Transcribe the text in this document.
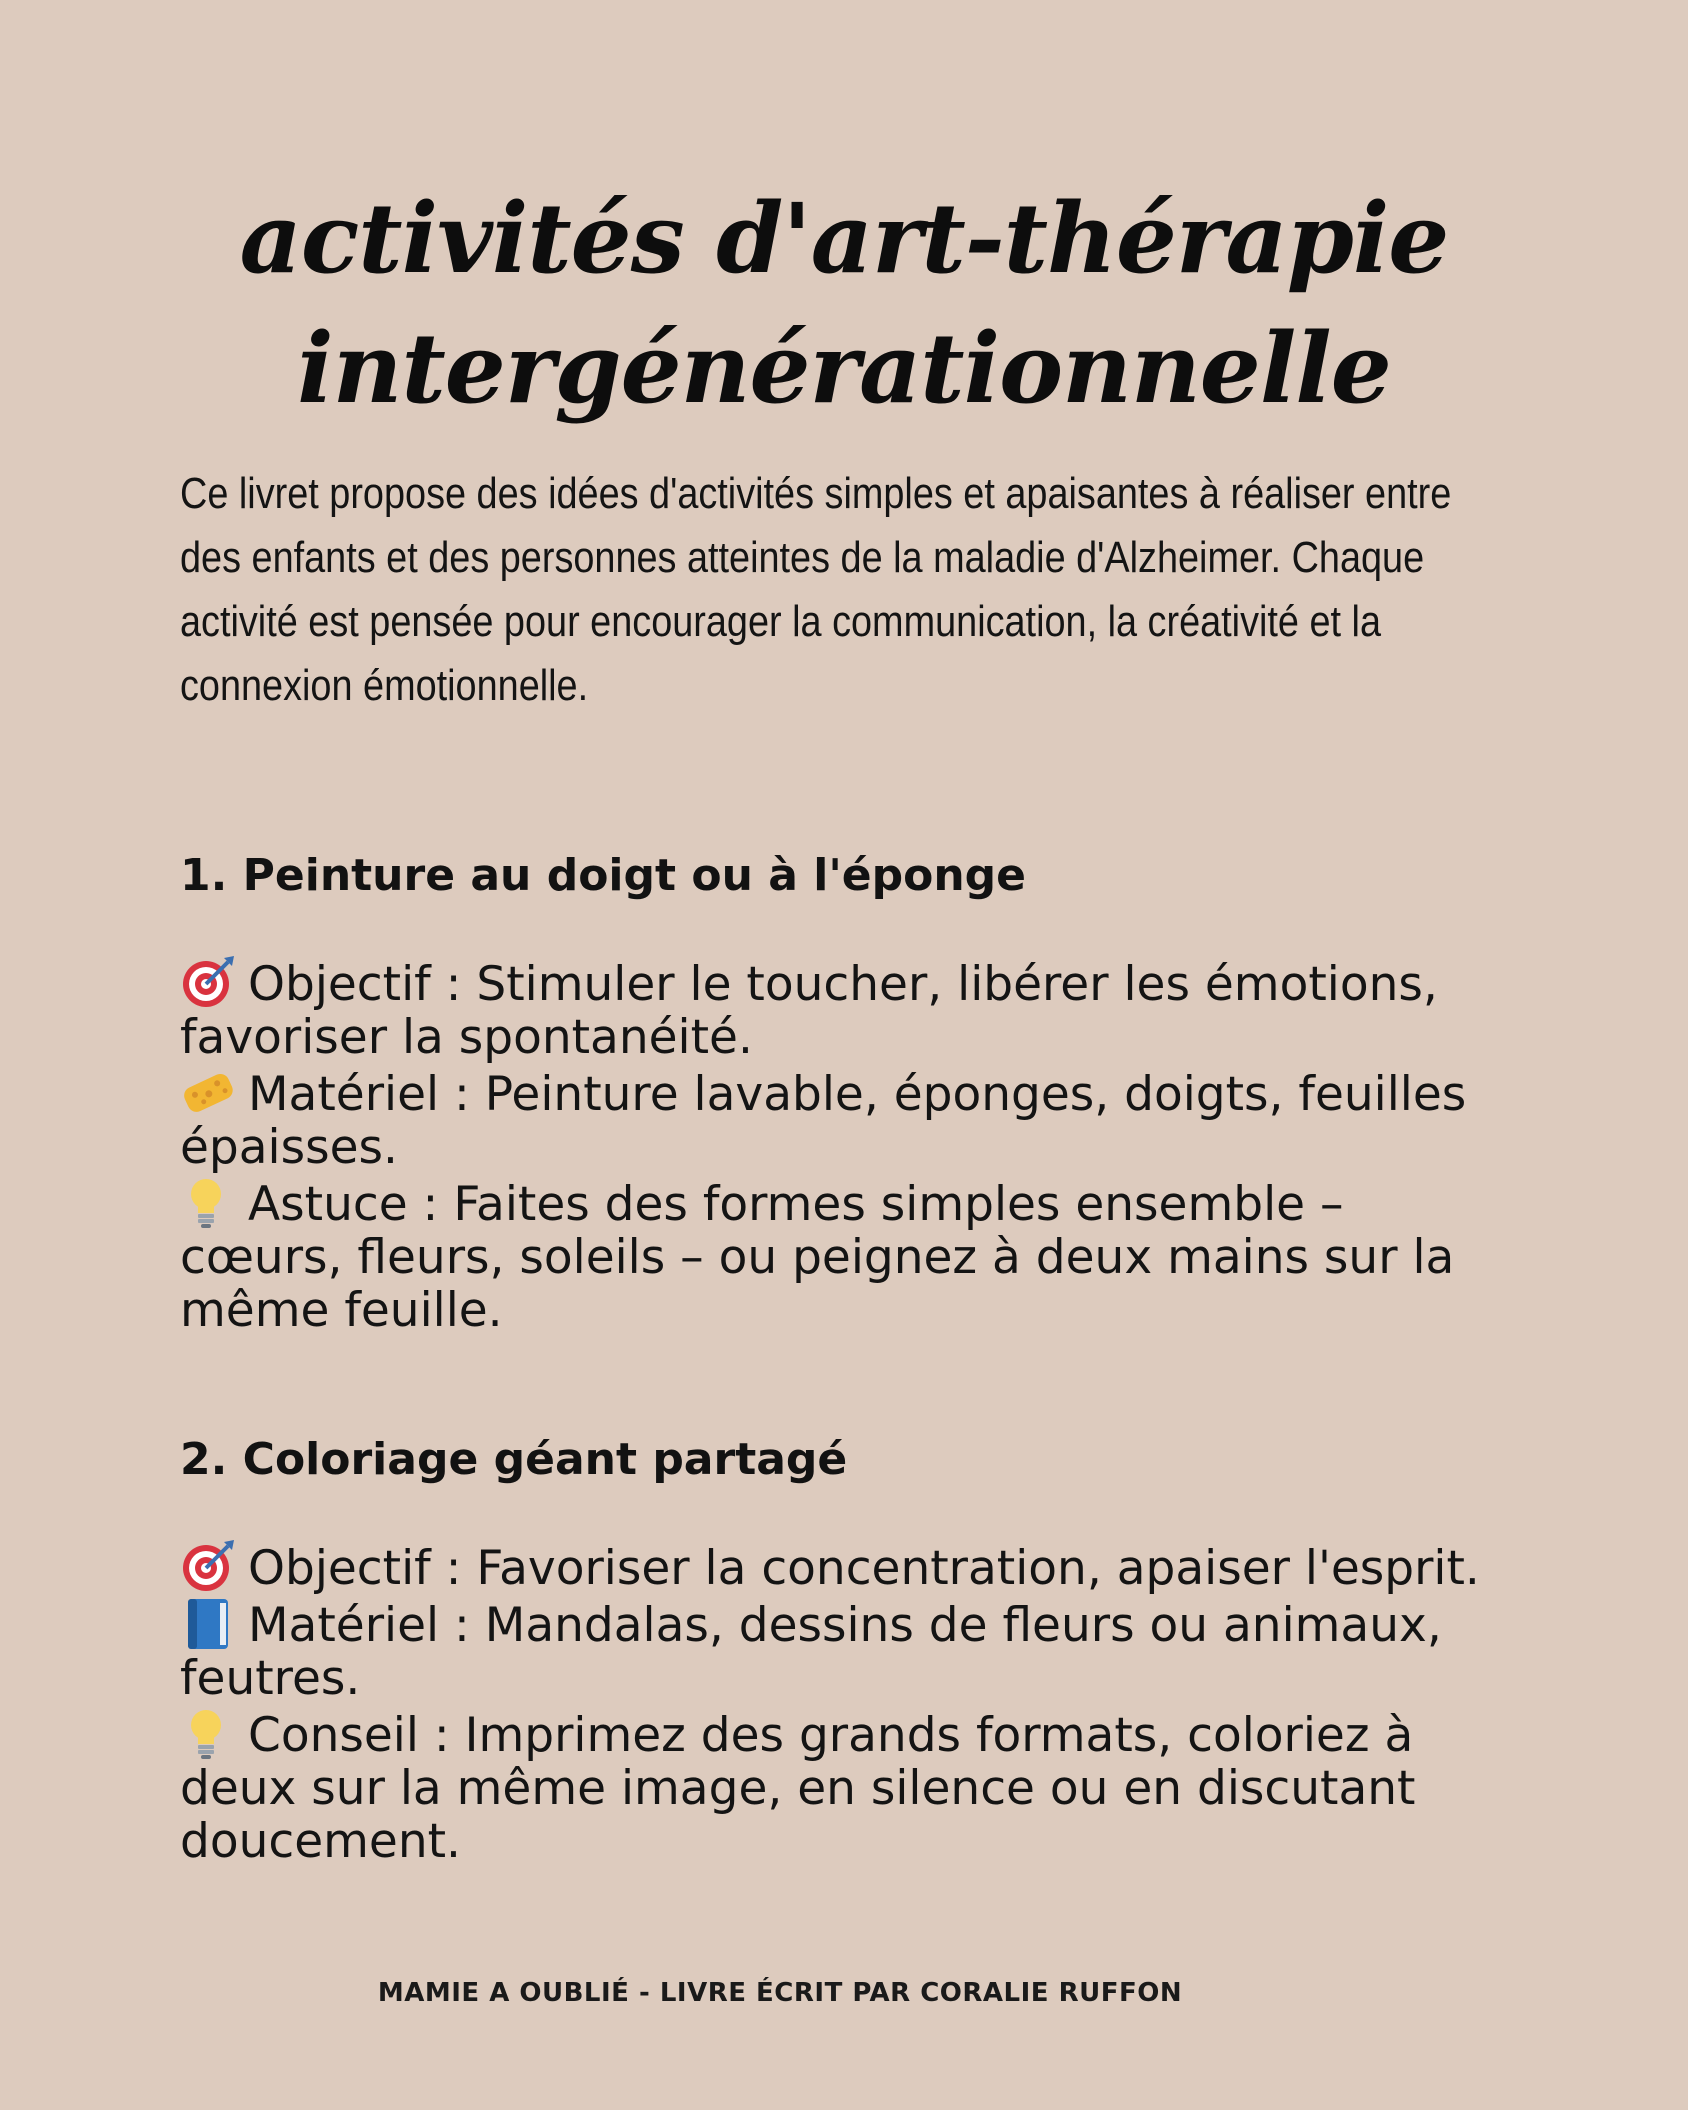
activités d'art-thérapie
intergénérationnelle

Ce livret propose des idées d'activités simples et apaisantes à réaliser entre des enfants et des personnes atteintes de la maladie d'Alzheimer. Chaque activité est pensée pour encourager la communication, la créativité et la connexion émotionnelle.

1. Peinture au doigt ou à l'éponge

Objectif : Stimuler le toucher, libérer les émotions, favoriser la spontanéité.

Matériel : Peinture lavable, éponges, doigts, feuilles épaisses.

Astuce : Faites des formes simples ensemble – cœurs, fleurs, soleils – ou peignez à deux mains sur la même feuille.

2. Coloriage géant partagé

Objectif : Favoriser la concentration, apaiser l'esprit.

Matériel : Mandalas, dessins de fleurs ou animaux, feutres.

Conseil : Imprimez des grands formats, coloriez à deux sur la même image, en silence ou en discutant doucement.

MAMIE A OUBLIÉ - LIVRE ÉCRIT PAR CORALIE RUFFON
